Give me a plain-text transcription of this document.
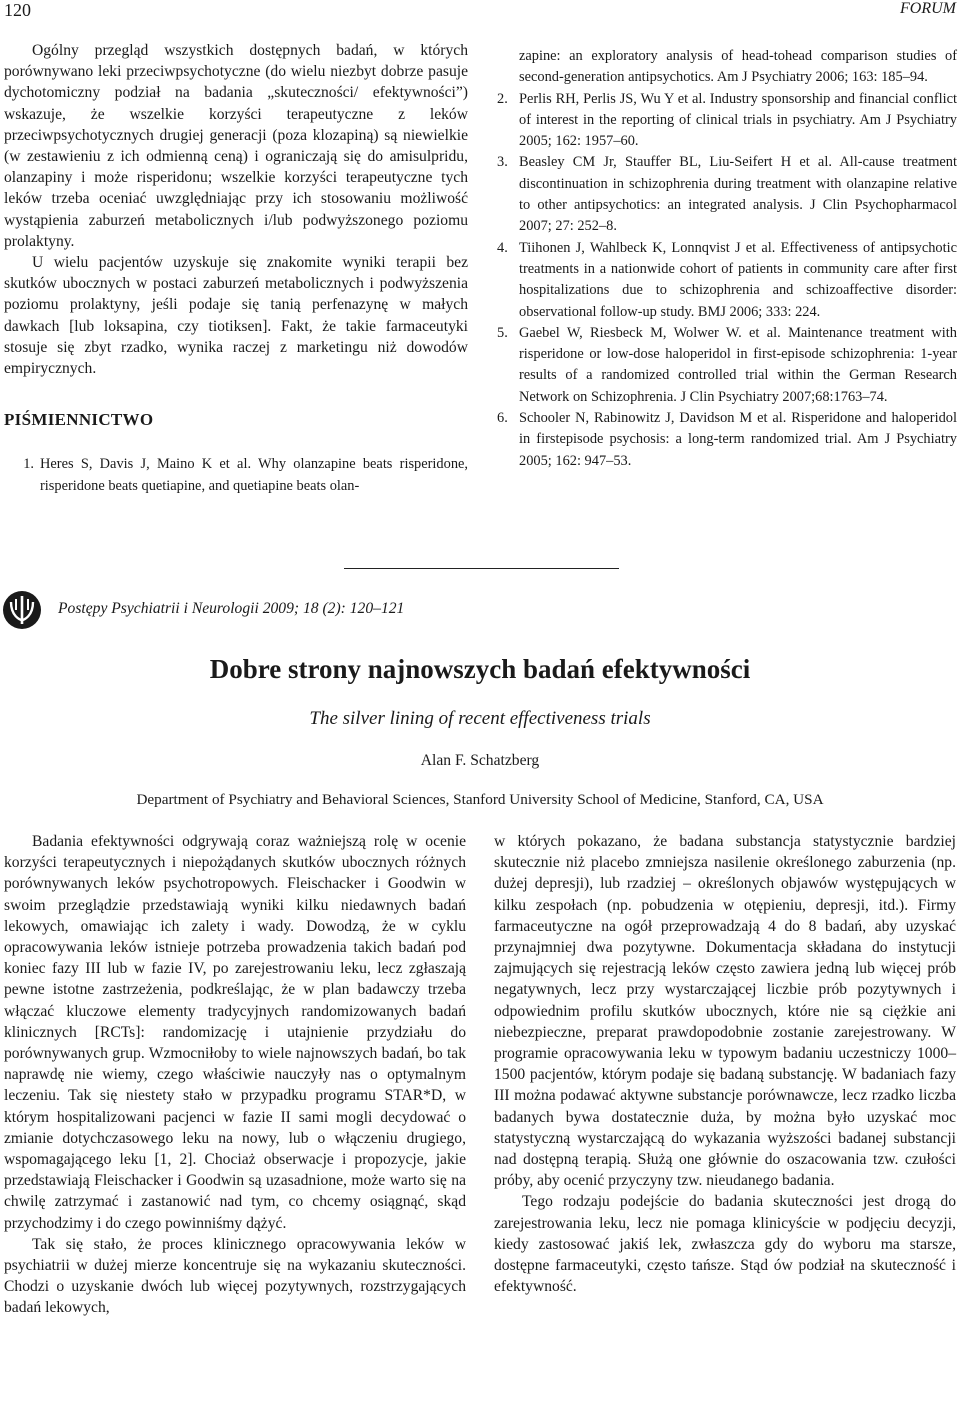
120	FORUM

Ogólny przegląd wszystkich dostępnych badań, w których porównywano leki przeciwpsychotyczne (do wielu niezbyt dobrze pasuje dychotomiczny podział na badania „skuteczności/ efektywności”) wskazuje, że wszelkie korzyści terapeutyczne z leków przeciwpsychotycznych drugiej generacji (poza klozapiną) są niewielkie (w zestawieniu z ich odmienną ceną) i ograniczają się do amisulpridu, olanzapiny i może risperidonu; wszelkie korzyści terapeutyczne tych leków trzeba oceniać uwzględniając przy ich stosowaniu możliwość wystąpienia zaburzeń metabolicznych i/lub podwyższonego poziomu prolaktyny.

U wielu pacjentów uzyskuje się znakomite wyniki terapii bez skutków ubocznych w postaci zaburzeń metabolicznych i podwyższenia poziomu prolaktyny, jeśli podaje się tanią perfenazynę w małych dawkach [lub loksapina, czy tiotiksen]. Fakt, że takie farmaceutyki stosuje się zbyt rzadko, wynika raczej z marketingu niż dowodów empirycznych.

PIŚMIENNICTWO
1. Heres S, Davis J, Maino K et al. Why olanzapine beats risperidone, risperidone beats quetiapine, and quetiapine beats olan-
zapine: an exploratory analysis of head-tohead comparison studies of second-generation antipsychotics. Am J Psychiatry 2006; 163: 185–94.
2. Perlis RH, Perlis JS, Wu Y et al. Industry sponsorship and financial conflict of interest in the reporting of clinical trials in psychiatry. Am J Psychiatry 2005; 162: 1957–60.
3. Beasley CM Jr, Stauffer BL, Liu-Seifert H et al. All-cause treatment discontinuation in schizophrenia during treatment with olanzapine relative to other antipsychotics: an integrated analysis. J Clin Psychopharmacol 2007; 27: 252–8.
4. Tiihonen J, Wahlbeck K, Lonnqvist J et al. Effectiveness of antipsychotic treatments in a nationwide cohort of patients in community care after first hospitalizations due to schizophrenia and schizoaffective disorder: observational follow-up study. BMJ 2006; 333: 224.
5. Gaebel W, Riesbeck M, Wolwer W. et al. Maintenance treatment with risperidone or low-dose haloperidol in first-episode schizophrenia: 1-year results of a randomized controlled trial within the German Research Network on Schizophrenia. J Clin Psychiatry 2007;68:1763–74.
6. Schooler N, Rabinowitz J, Davidson M et al. Risperidone and haloperidol in firstepisode psychosis: a long-term randomized trial. Am J Psychiatry 2005; 162: 947–53.
Postępy Psychiatrii i Neurologii 2009; 18 (2): 120–121
Dobre strony najnowszych badań efektywności
The silver lining of recent effectiveness trials
Alan F. Schatzberg
Department of Psychiatry and Behavioral Sciences, Stanford University School of Medicine, Stanford, CA, USA

Badania efektywności odgrywają coraz ważniejszą rolę w ocenie korzyści terapeutycznych i niepożądanych skutków ubocznych różnych porównywanych leków psychotropowych. Fleischacker i Goodwin w swoim przeglądzie przedstawiają wyniki kilku niedawnych badań lekowych, omawiając ich zalety i wady. Dowodzą, że w cyklu opracowywania leków istnieje potrzeba prowadzenia takich badań pod koniec fazy III lub w fazie IV, po zarejestrowaniu leku, lecz zgłaszają pewne istotne zastrzeżenia, podkreślając, że w plan badawczy trzeba włączać kluczowe elementy tradycyjnych randomizowanych badań klinicznych [RCTs]: randomizację i utajnienie przydziału do porównywanych grup. Wzmocniłoby to wiele najnowszych badań, bo tak naprawdę nie wiemy, czego właściwie nauczyły nas o optymalnym leczeniu. Tak się niestety stało w przypadku programu STAR*D, w którym hospitalizowani pacjenci w fazie II sami mogli decydować o zmianie dotychczasowego leku na nowy, lub o włączeniu drugiego, wspomagającego leku [1, 2]. Chociaż obserwacje i propozycje, jakie przedstawiają Fleischacker i Goodwin są uzasadnione, może warto się na chwilę zatrzymać i zastanowić nad tym, co chcemy osiągnąć, skąd przychodzimy i do czego powinniśmy dążyć.

Tak się stało, że proces klinicznego opracowywania leków w psychiatrii w dużej mierze koncentruje się na wykazaniu skuteczności. Chodzi o uzyskanie dwóch lub więcej pozytywnych, rozstrzygających badań lekowych,

w których pokazano, że badana substancja statystycznie bardziej skutecznie niż placebo zmniejsza nasilenie określonego zaburzenia (np. dużej depresji), lub rzadziej – określonych objawów występujących w kilku zespołach (np. pobudzenia w otępieniu, depresji, itd.). Firmy farmaceutyczne na ogół przeprowadzają 4 do 8 badań, aby uzyskać przynajmniej dwa pozytywne. Dokumentacja składana do instytucji zajmujących się rejestracją leków często zawiera jedną lub więcej prób negatywnych, lecz przy wystarczającej liczbie prób pozytywnych i odpowiednim profilu skutków ubocznych, które nie są ciężkie ani niebezpieczne, preparat prawdopodobnie zostanie zarejestrowany. W programie opracowywania leku w typowym badaniu uczestniczy 1000–1500 pacjentów, którym podaje się badaną substancję. W badaniach fazy III można podawać aktywne substancje porównawcze, lecz rzadko liczba badanych bywa dostatecznie duża, by można było uzyskać moc statystyczną wystarczającą do wykazania wyższości badanej substancji nad dostępną terapią. Służą one głównie do oszacowania tzw. czułości próby, aby ocenić przyczyny tzw. nieudanego badania.

Tego rodzaju podejście do badania skuteczności jest drogą do zarejestrowania leku, lecz nie pomaga klinicyście w podjęciu decyzji, kiedy zastosować jakiś lek, zwłaszcza gdy do wyboru ma starsze, dostępne farmaceutyki, często tańsze. Stąd ów podział na skuteczność i efektywność.
